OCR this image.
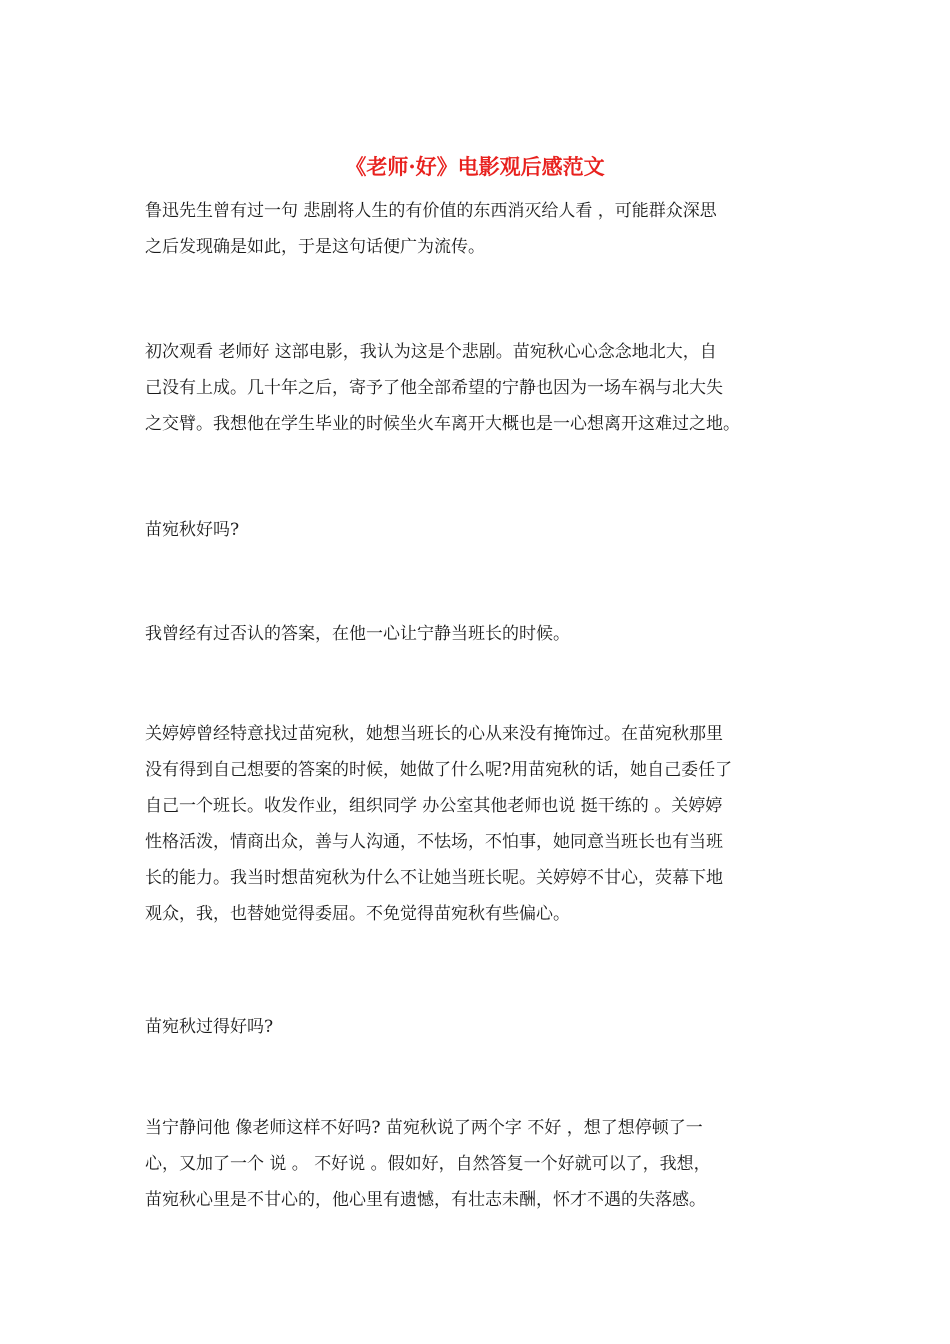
《老师·好》电影观后感范文

鲁迅先生曾有过一句 悲剧将人生的有价值的东西消灭给人看 ，可能群众深思
之后发现确是如此，于是这句话便广为流传。

初次观看 老师好 这部电影，我认为这是个悲剧。苗宛秋心心念念地北大，自
己没有上成。几十年之后，寄予了他全部希望的宁静也因为一场车祸与北大失
之交臂。我想他在学生毕业的时候坐火车离开大概也是一心想离开这难过之地。

苗宛秋好吗?

我曾经有过否认的答案，在他一心让宁静当班长的时候。

关婷婷曾经特意找过苗宛秋，她想当班长的心从来没有掩饰过。在苗宛秋那里
没有得到自己想要的答案的时候，她做了什么呢?用苗宛秋的话，她自己委任了
自己一个班长。收发作业，组织同学 办公室其他老师也说 挺干练的 。关婷婷
性格活泼，情商出众，善与人沟通，不怯场，不怕事，她同意当班长也有当班
长的能力。我当时想苗宛秋为什么不让她当班长呢。关婷婷不甘心，荧幕下地
观众，我，也替她觉得委屈。不免觉得苗宛秋有些偏心。

苗宛秋过得好吗?

当宁静问他 像老师这样不好吗? 苗宛秋说了两个字 不好 ，想了想停顿了一
心，又加了一个 说 。 不好说 。假如好，自然答复一个好就可以了，我想，
苗宛秋心里是不甘心的，他心里有遗憾，有壮志未酬，怀才不遇的失落感。
